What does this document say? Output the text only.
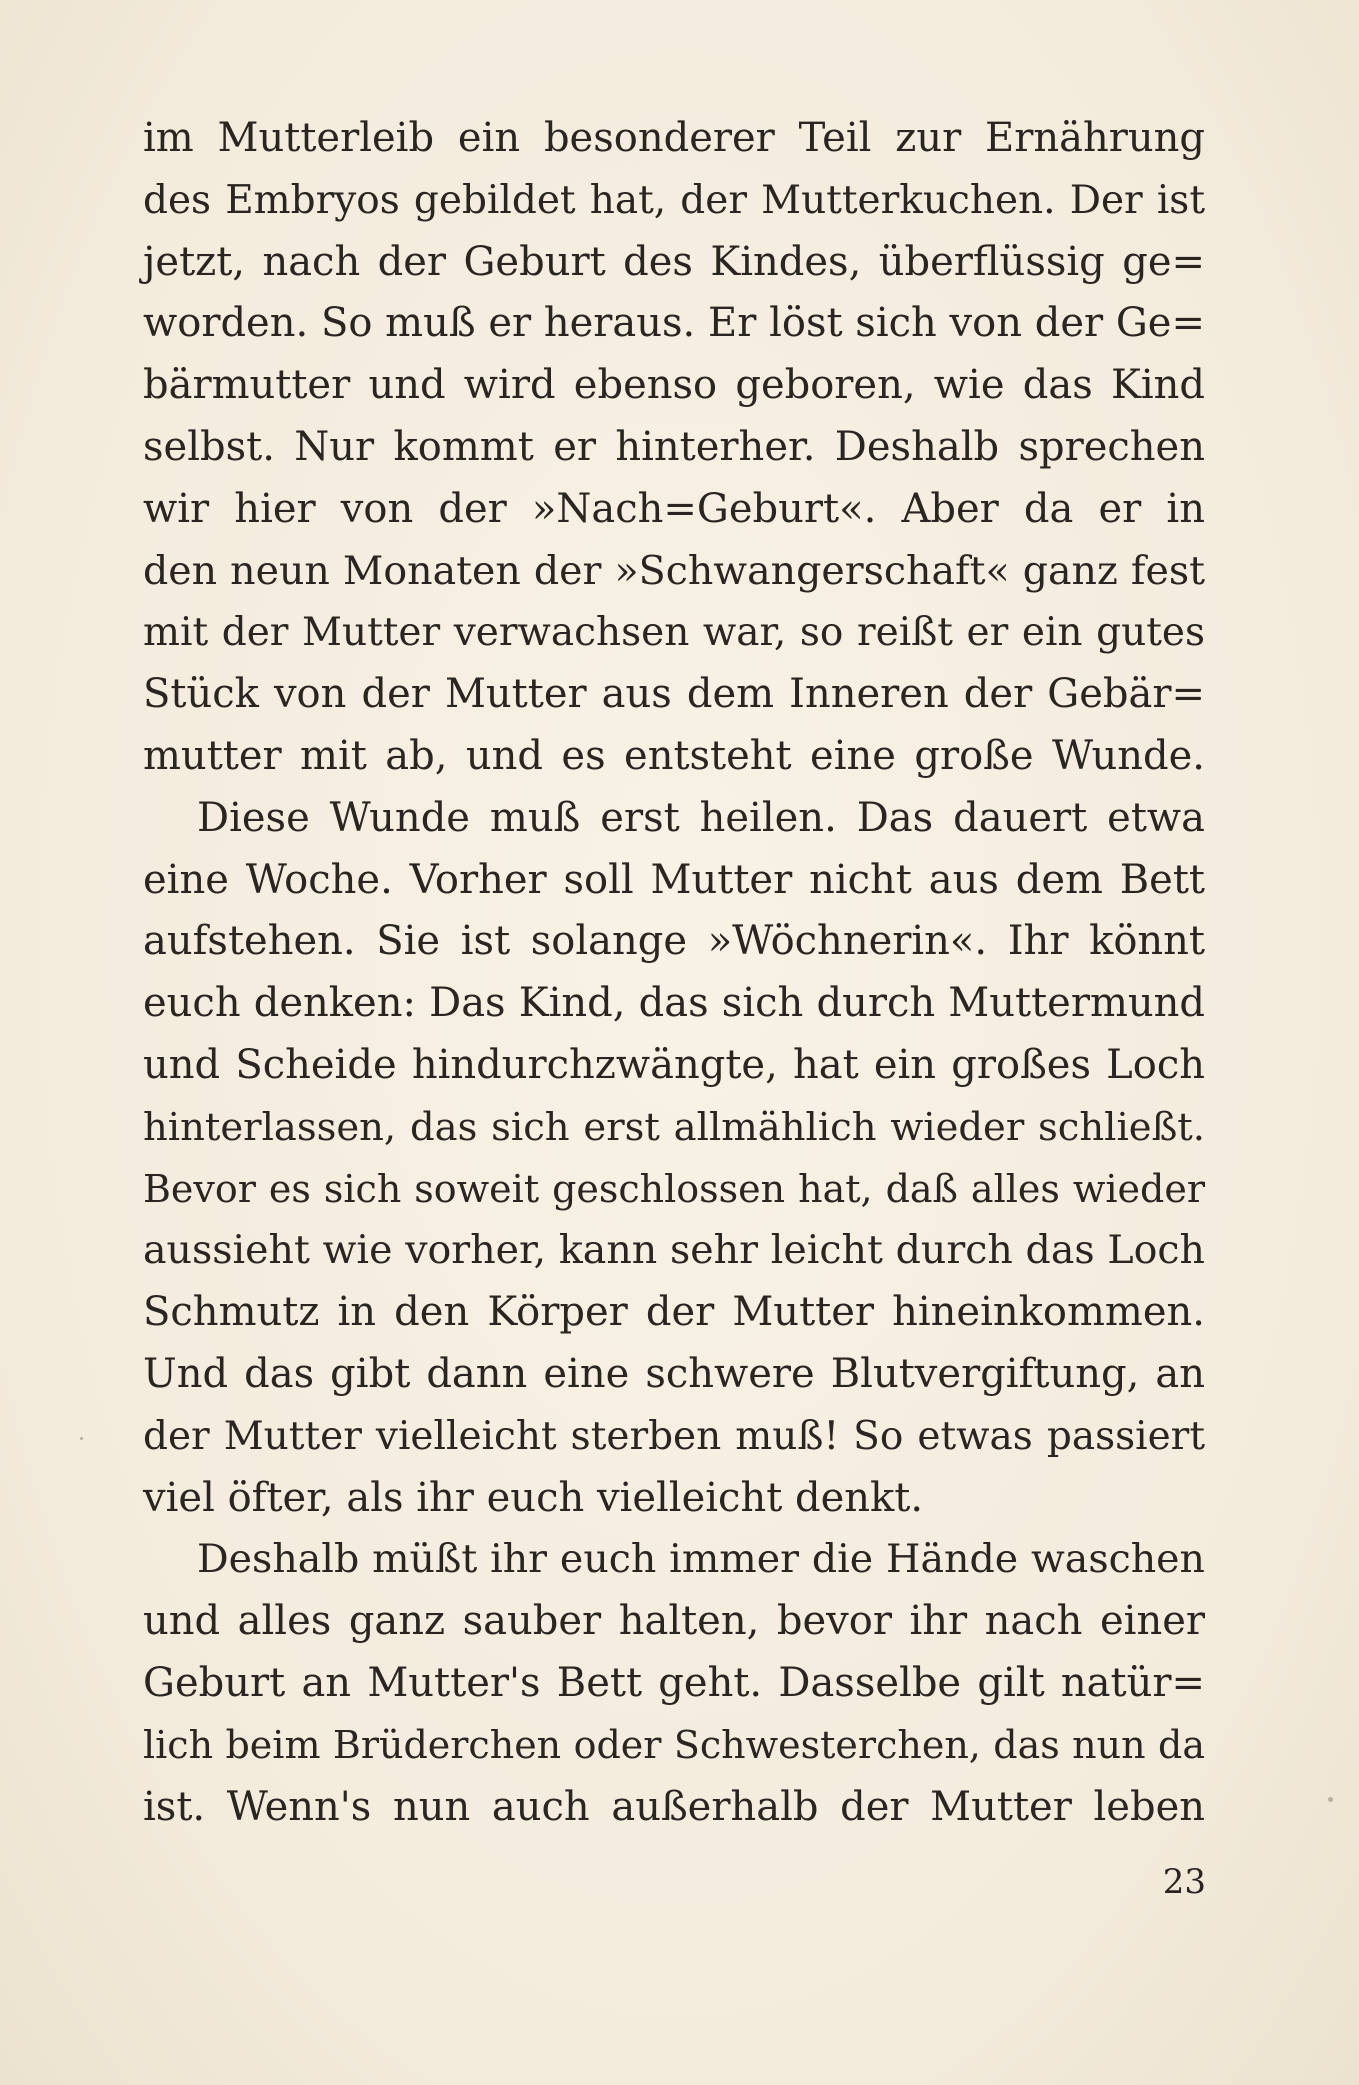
im Mutterleib ein besonderer Teil zur Ernährung
des Embryos gebildet hat, der Mutterkuchen. Der ist
jetzt, nach der Geburt des Kindes, überflüssig ge=
worden. So muß er heraus. Er löst sich von der Ge=
bärmutter und wird ebenso geboren, wie das Kind
selbst. Nur kommt er hinterher. Deshalb sprechen
wir hier von der »Nach=Geburt«. Aber da er in
den neun Monaten der »Schwangerschaft« ganz fest
mit der Mutter verwachsen war, so reißt er ein gutes
Stück von der Mutter aus dem Inneren der Gebär=
mutter mit ab, und es entsteht eine große Wunde.
Diese Wunde muß erst heilen. Das dauert etwa
eine Woche. Vorher soll Mutter nicht aus dem Bett
aufstehen. Sie ist solange »Wöchnerin«. Ihr könnt
euch denken: Das Kind, das sich durch Muttermund
und Scheide hindurchzwängte, hat ein großes Loch
hinterlassen, das sich erst allmählich wieder schließt.
Bevor es sich soweit geschlossen hat, daß alles wieder
aussieht wie vorher, kann sehr leicht durch das Loch
Schmutz in den Körper der Mutter hineinkommen.
Und das gibt dann eine schwere Blutvergiftung, an
der Mutter vielleicht sterben muß! So etwas passiert
viel öfter, als ihr euch vielleicht denkt.
Deshalb müßt ihr euch immer die Hände waschen
und alles ganz sauber halten, bevor ihr nach einer
Geburt an Mutter's Bett geht. Dasselbe gilt natür=
lich beim Brüderchen oder Schwesterchen, das nun da
ist. Wenn's nun auch außerhalb der Mutter leben
23
